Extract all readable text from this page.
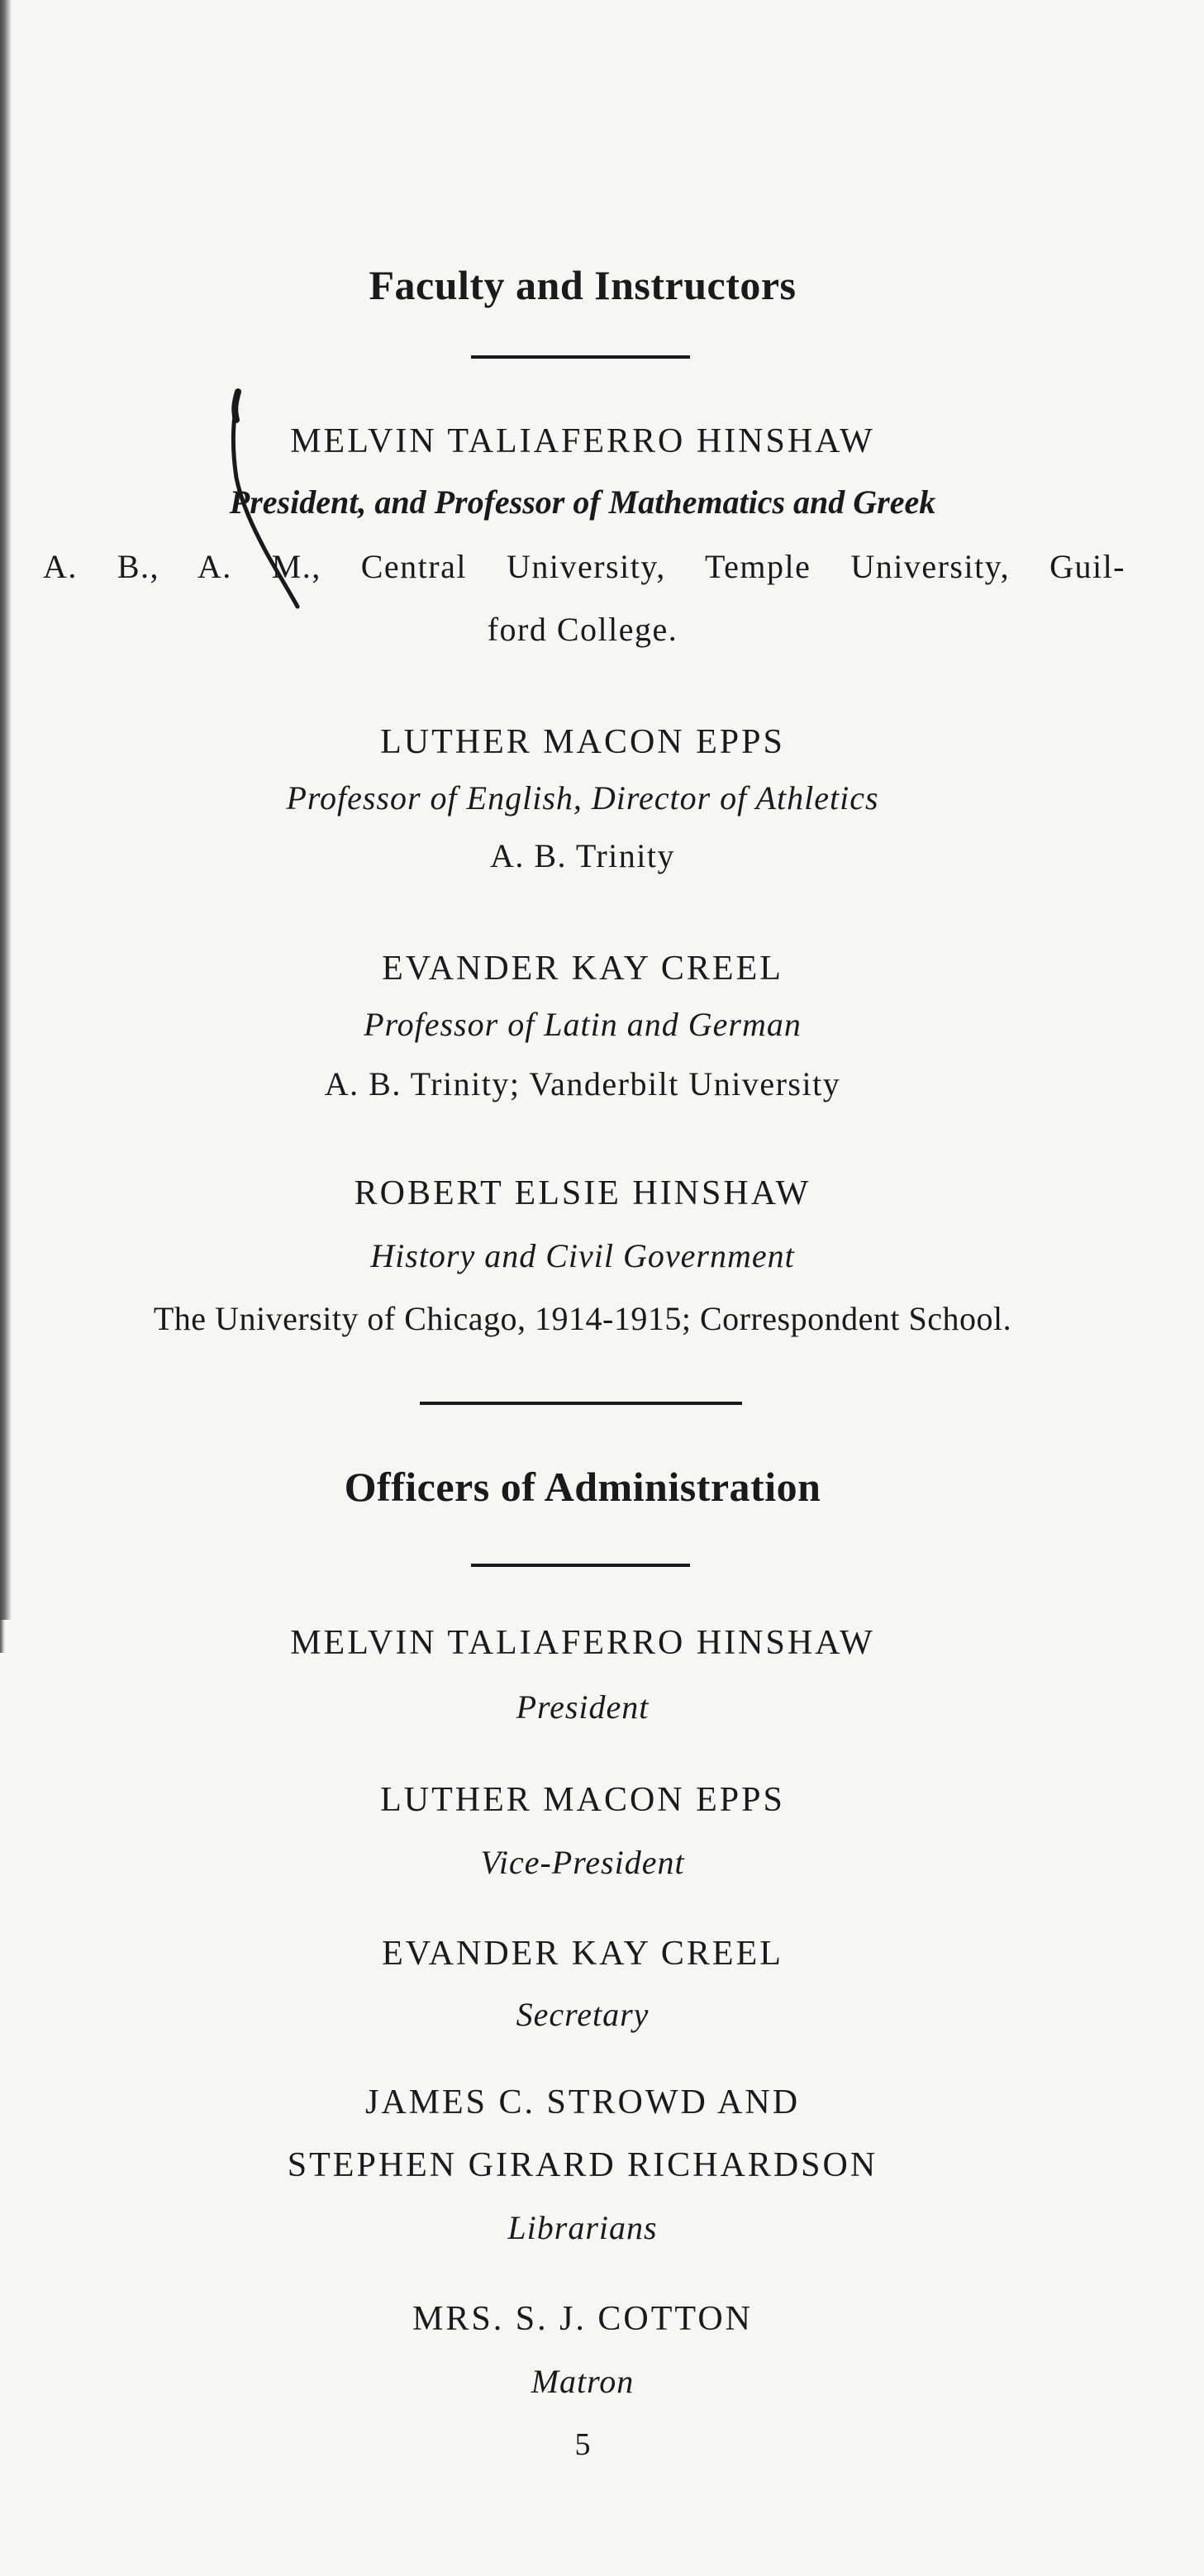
Faculty and Instructors
MELVIN TALIAFERRO HINSHAW
President, and Professor of Mathematics and Greek
A. B., A. M., Central University, Temple University, Guil-
ford College.
LUTHER MACON EPPS
Professor of English, Director of Athletics
A. B. Trinity
EVANDER KAY CREEL
Professor of Latin and German
A. B. Trinity; Vanderbilt University
ROBERT ELSIE HINSHAW
History and Civil Government
The University of Chicago, 1914-1915; Correspondent School.
Officers of Administration
MELVIN TALIAFERRO HINSHAW
President
LUTHER MACON EPPS
Vice-President
EVANDER KAY CREEL
Secretary
JAMES C. STROWD AND
STEPHEN GIRARD RICHARDSON
Librarians
MRS. S. J. COTTON
Matron
5
